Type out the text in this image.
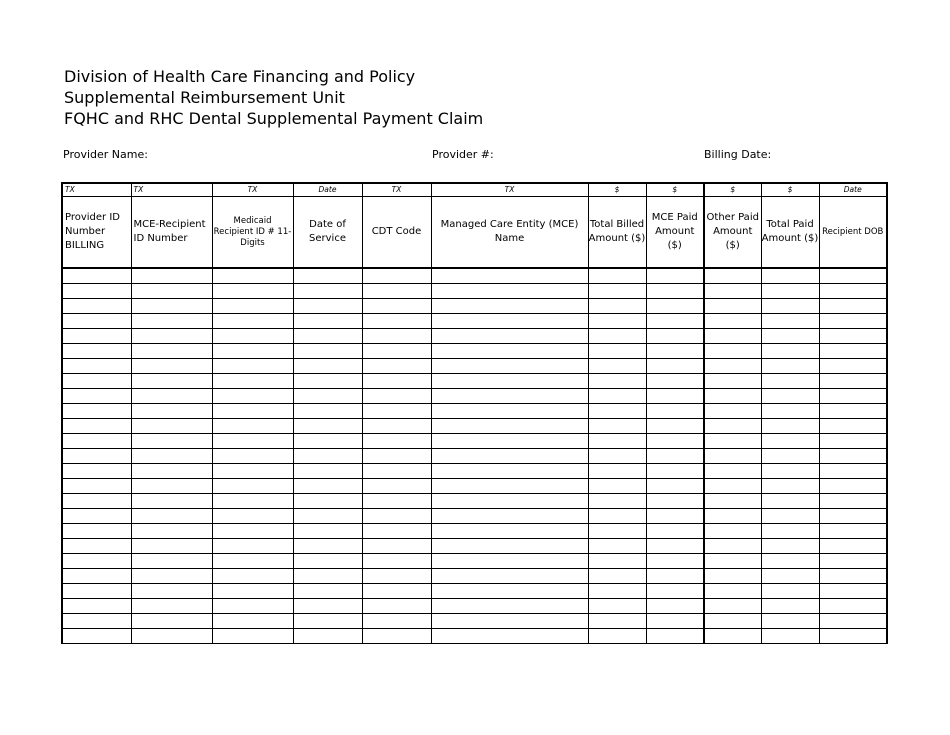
Division of Health Care Financing and Policy
Supplemental Reimbursement Unit
FQHC and RHC Dental Supplemental Payment Claim
Provider Name:	Provider #:	Billing Date:
TX	TX	TX	Date	TX	TX	$	$	$	$	Date
Provider ID Number BILLING	MCE-Recipient ID Number	Medicaid Recipient ID # 11-Digits	Date of Service	CDT Code	Managed Care Entity (MCE) Name	Total Billed Amount ($)	MCE Paid Amount ($)	Other Paid Amount ($)	Total Paid Amount ($)	Recipient DOB
